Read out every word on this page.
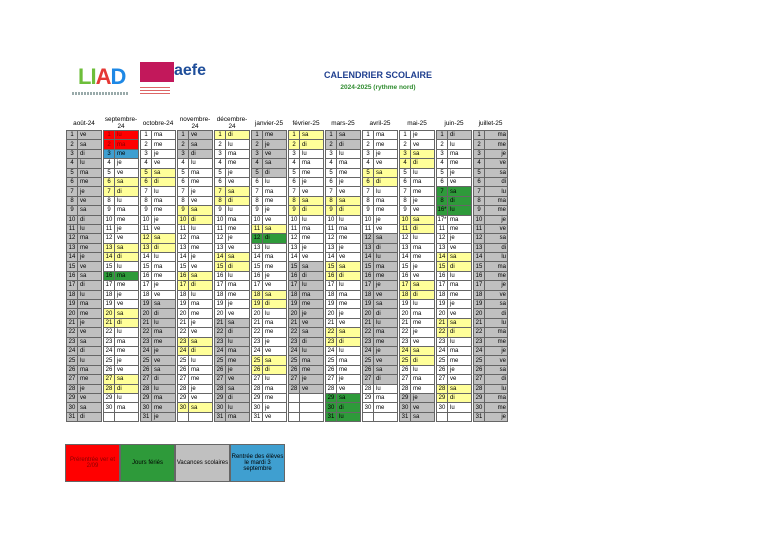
LIAD	aefe	CALENDRIER SCOLAIRE
2024-2025 (rythme nord)
août-24			septembre-24			octobre-24			novembre-24			décembre-24			janvier-25			février-25			mars-25			avril-25			mai-25			juin-25			juillet-25	
1	ve		1	lu		1	ma		1	ve		1	di		1	me		1	sa		1	sa		1	ma		1	je		1	di		1	ma
2	sa		2	ma		2	me		2	sa		2	lu		2	je		2	di		2	di		2	me		2	ve		2	lu		2	me
3	di		3	me		3	je		3	di		3	ma		3	ve		3	lu		3	lu		3	je		3	sa		3	ma		3	je
4	lu		4	je		4	ve		4	lu		4	me		4	sa		4	ma		4	ma		4	ve		4	di		4	me		4	ve
5	ma		5	ve		5	sa		5	ma		5	je		5	di		5	me		5	me		5	sa		5	lu		5	je		5	sa
6	me		6	sa		6	di		6	me		6	ve		6	lu		6	je		6	je		6	di		6	ma		6	ve		6	di
7	je		7	di		7	lu		7	je		7	sa		7	ma		7	ve		7	ve		7	lu		7	me		7	sa		7	lu
8	ve		8	lu		8	ma		8	ve		8	di		8	me		8	sa		8	sa		8	ma		8	je		8	di		8	ma
9	sa		9	ma		9	me		9	sa		9	lu		9	je		9	di		9	di		9	me		9	ve		16*	lu		9	me
10	di		10	me		10	je		10	di		10	ma		10	ve		10	lu		10	lu		10	je		10	sa		17*	ma		10	je
11	lu		11	je		11	ve		11	lu		11	me		11	sa		11	ma		11	ma		11	ve		11	di		11	me		11	ve
12	ma		12	ve		12	sa		12	ma		12	je		12	di		12	me		12	me		12	sa		12	lu		12	je		12	sa
13	me		13	sa		13	di		13	me		13	ve		13	lu		13	je		13	je		13	di		13	ma		13	ve		13	di
14	je		14	di		14	lu		14	je		14	sa		14	ma		14	ve		14	ve		14	lu		14	me		14	sa		14	lu
15	ve		15	lu		15	ma		15	ve		15	di		15	me		15	sa		15	sa		15	ma		15	je		15	di		15	ma
16	sa		16	ma		16	me		16	sa		16	lu		16	je		16	di		16	di		16	me		16	ve		16	lu		16	me
17	di		17	me		17	je		17	di		17	ma		17	ve		17	lu		17	lu		17	je		17	sa		17	ma		17	je
18	lu		18	je		18	ve		18	lu		18	me		18	sa		18	ma		18	ma		18	ve		18	di		18	me		18	ve
19	ma		19	ve		19	sa		19	ma		19	je		19	di		19	me		19	me		19	sa		19	lu		19	je		19	sa
20	me		20	sa		20	di		20	me		20	ve		20	lu		20	je		20	je		20	di		20	ma		20	ve		20	di
21	je		21	di		21	lu		21	je		21	sa		21	ma		21	ve		21	ve		21	lu		21	me		21	sa		21	lu
22	ve		22	lu		22	ma		22	ve		22	di		22	me		22	sa		22	sa		22	ma		22	je		22	di		22	ma
23	sa		23	ma		23	me		23	sa		23	lu		23	je		23	di		23	di		23	me		23	ve		23	lu		23	me
24	di		24	me		24	je		24	di		24	ma		24	ve		24	lu		24	lu		24	je		24	sa		24	ma		24	je
25	lu		25	je		25	ve		25	lu		25	me		25	sa		25	ma		25	ma		25	ve		25	di		25	me		25	ve
26	ma		26	ve		26	sa		26	ma		26	je		26	di		26	me		26	me		26	sa		26	lu		26	je		26	sa
27	me		27	sa		27	di		27	me		27	ve		27	lu		27	je		27	je		27	di		27	ma		27	ve		27	di
28	je		28	di		28	lu		28	je		28	sa		28	ma		28	ve		28	ve		28	lu		28	me		28	sa		28	lu
29	ve		29	lu		29	ma		29	ve		29	di		29	me					29	sa		29	ma		29	je		29	di		29	ma
30	sa		30	ma		30	me		30	sa		30	lu		30	je					30	di		30	me		30	ve		30	lu		30	me
31	di					31	je					31	ma		31	ve					31	lu					31	sa					31	je
Prérentrée ver et 2/09	Jours fériés	Vacances scolaires
Rentrée des élèves le mardi 3 septembre
